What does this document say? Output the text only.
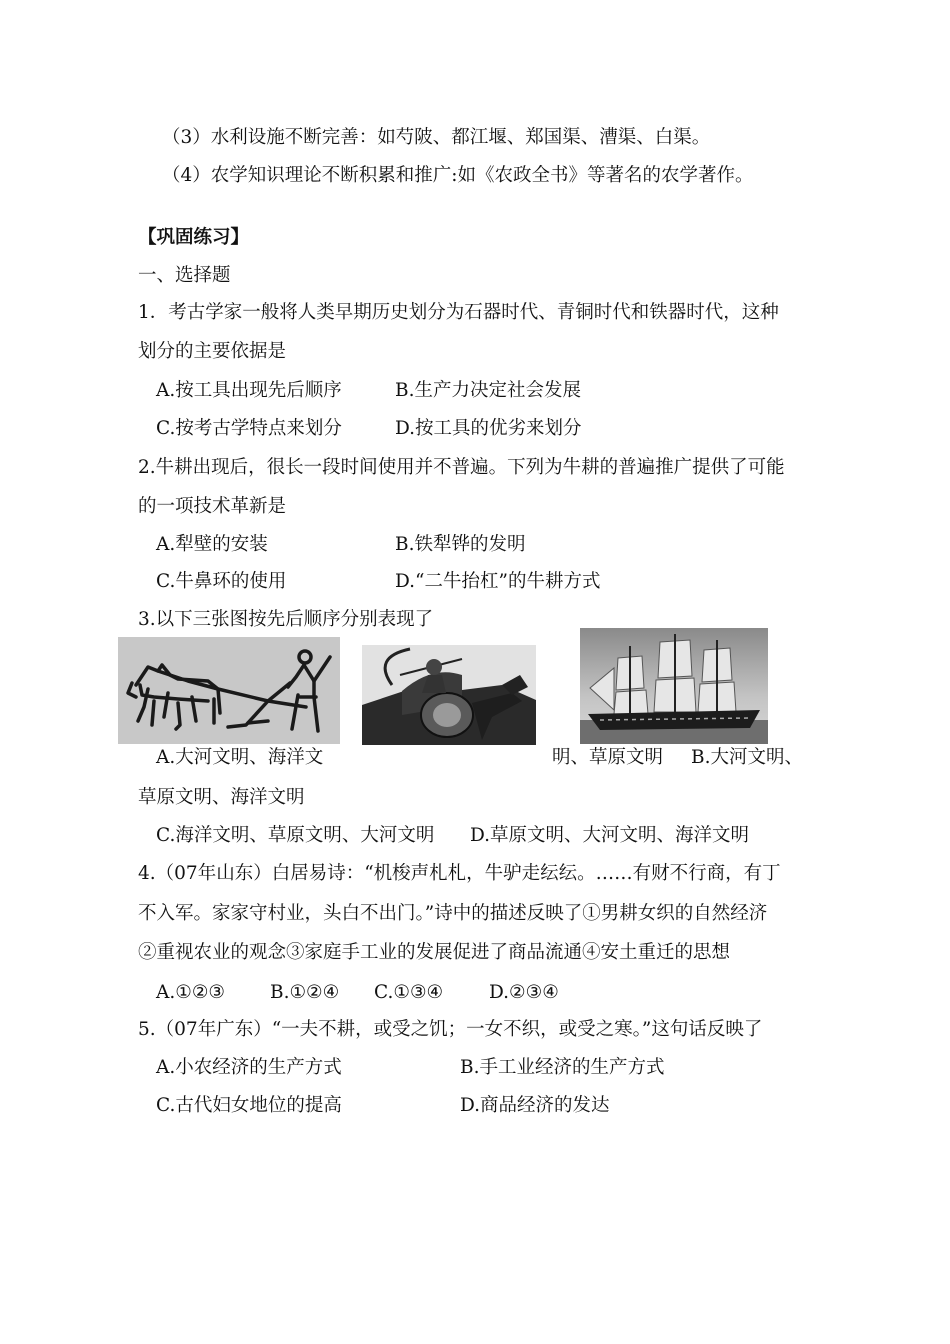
（3）水利设施不断完善：如芍陂、都江堰、郑国渠、漕渠、白渠。
（4）农学知识理论不断积累和推广:如《农政全书》等著名的农学著作。
【巩固练习】
一、选择题
1．考古学家一般将人类早期历史划分为石器时代、青铜时代和铁器时代，这种
划分的主要依据是
A.按工具出现先后顺序	B.生产力决定社会发展
C.按考古学特点来划分	D.按工具的优劣来划分
2.牛耕出现后，很长一段时间使用并不普遍。下列为牛耕的普遍推广提供了可能
的一项技术革新是
A.犁壁的安装	B.铁犁铧的发明
C.牛鼻环的使用	D.“二牛抬杠”的牛耕方式
3.以下三张图按先后顺序分别表现了
A.大河文明、海洋文	明、草原文明 B.大河文明、
草原文明、海洋文明
C.海洋文明、草原文明、大河文明 D.草原文明、大河文明、海洋文明
4.（07年山东）白居易诗：“机梭声札札，牛驴走纭纭。……有财不行商，有丁
不入军。家家守村业，头白不出门。”诗中的描述反映了①男耕女织的自然经济
②重视农业的观念③家庭手工业的发展促进了商品流通④安土重迁的思想
A.①②③ B.①②④ C.①③④ D.②③④
5.（07年广东）“一夫不耕，或受之饥；一女不织，或受之寒。”这句话反映了
A.小农经济的生产方式	B.手工业经济的生产方式
C.古代妇女地位的提高	D.商品经济的发达
